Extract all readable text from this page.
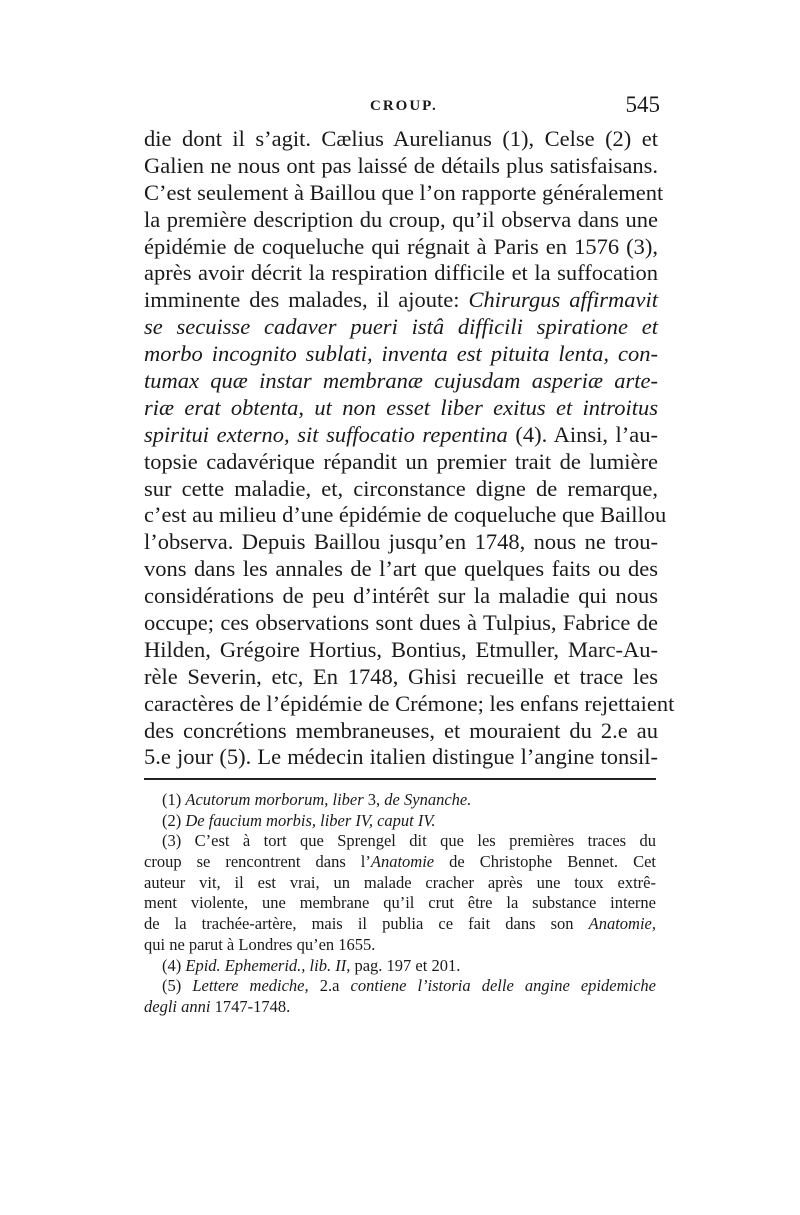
CROUP.	545
die dont il s’agit. Cælius Aurelianus (1), Celse (2) et
Galien ne nous ont pas laissé de détails plus satisfaisans.
C’est seulement à Baillou que l’on rapporte généralement
la première description du croup, qu’il observa dans une
épidémie de coqueluche qui régnait à Paris en 1576 (3),
après avoir décrit la respiration difficile et la suffocation
imminente des malades, il ajoute: Chirurgus affirmavit
se secuisse cadaver pueri istâ difficili spiratione et
morbo incognito sublati, inventa est pituita lenta, con-
tumax quæ instar membranæ cujusdam asperiæ arte-
riæ erat obtenta, ut non esset liber exitus et introitus
spiritui externo, sit suffocatio repentina (4). Ainsi, l’au-
topsie cadavérique répandit un premier trait de lumière
sur cette maladie, et, circonstance digne de remarque,
c’est au milieu d’une épidémie de coqueluche que Baillou
l’observa. Depuis Baillou jusqu’en 1748, nous ne trou-
vons dans les annales de l’art que quelques faits ou des
considérations de peu d’intérêt sur la maladie qui nous
occupe; ces observations sont dues à Tulpius, Fabrice de
Hilden, Grégoire Hortius, Bontius, Etmuller, Marc-Au-
rèle Severin, etc, En 1748, Ghisi recueille et trace les
caractères de l’épidémie de Crémone; les enfans rejettaient
des concrétions membraneuses, et mouraient du 2.e au
5.e jour (5). Le médecin italien distingue l’angine tonsil-
(1) Acutorum morborum, liber 3, de Synanche.
(2) De faucium morbis, liber IV, caput IV.
(3) C’est à tort que Sprengel dit que les premières traces du
croup se rencontrent dans l’Anatomie de Christophe Bennet. Cet
auteur vit, il est vrai, un malade cracher après une toux extrê-
ment violente, une membrane qu’il crut être la substance interne
de la trachée-artère, mais il publia ce fait dans son Anatomie,
qui ne parut à Londres qu’en 1655.
(4) Epid. Ephemerid., lib. II, pag. 197 et 201.
(5) Lettere mediche, 2.a contiene l’istoria delle angine epidemiche
degli anni 1747-1748.
